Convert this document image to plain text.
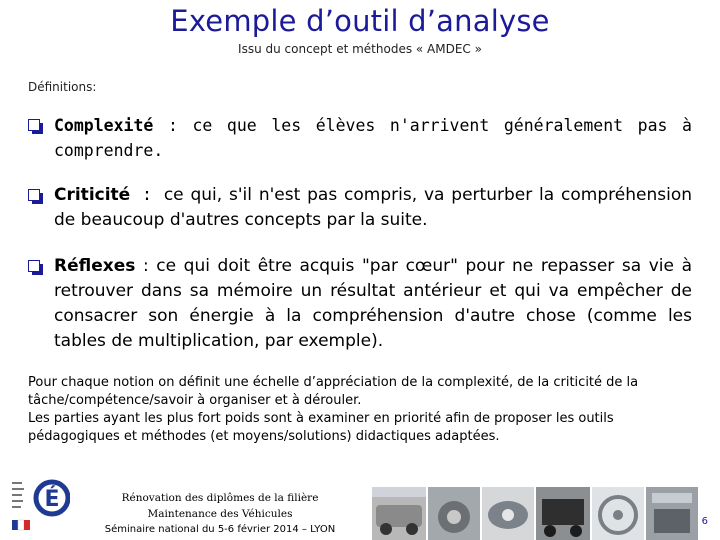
Exemple d’outil d’analyse
Issu du concept et méthodes « AMDEC »
Définitions:
Complexité : ce que les élèves n'arrivent généralement pas à comprendre.
Criticité : ce qui, s'il n'est pas compris, va perturber la compréhension de beaucoup d'autres concepts par la suite.
Réflexes : ce qui doit être acquis "par cœur" pour ne repasser sa vie à retrouver dans sa mémoire un résultat antérieur et qui va empêcher de consacrer son énergie à la compréhension d'autre chose (comme les tables de multiplication, par exemple).
Pour chaque notion on définit une échelle d’appréciation de la complexité, de la criticité de la tâche/compétence/savoir à organiser et à dérouler.
Les parties ayant les plus fort poids sont à examiner en priorité afin de proposer les outils pédagogiques et méthodes (et moyens/solutions) didactiques adaptées.
É	Rénovation des diplômes de la filière
Maintenance des Véhicules
Séminaire national du 5-6 février 2014 – LYON
6
